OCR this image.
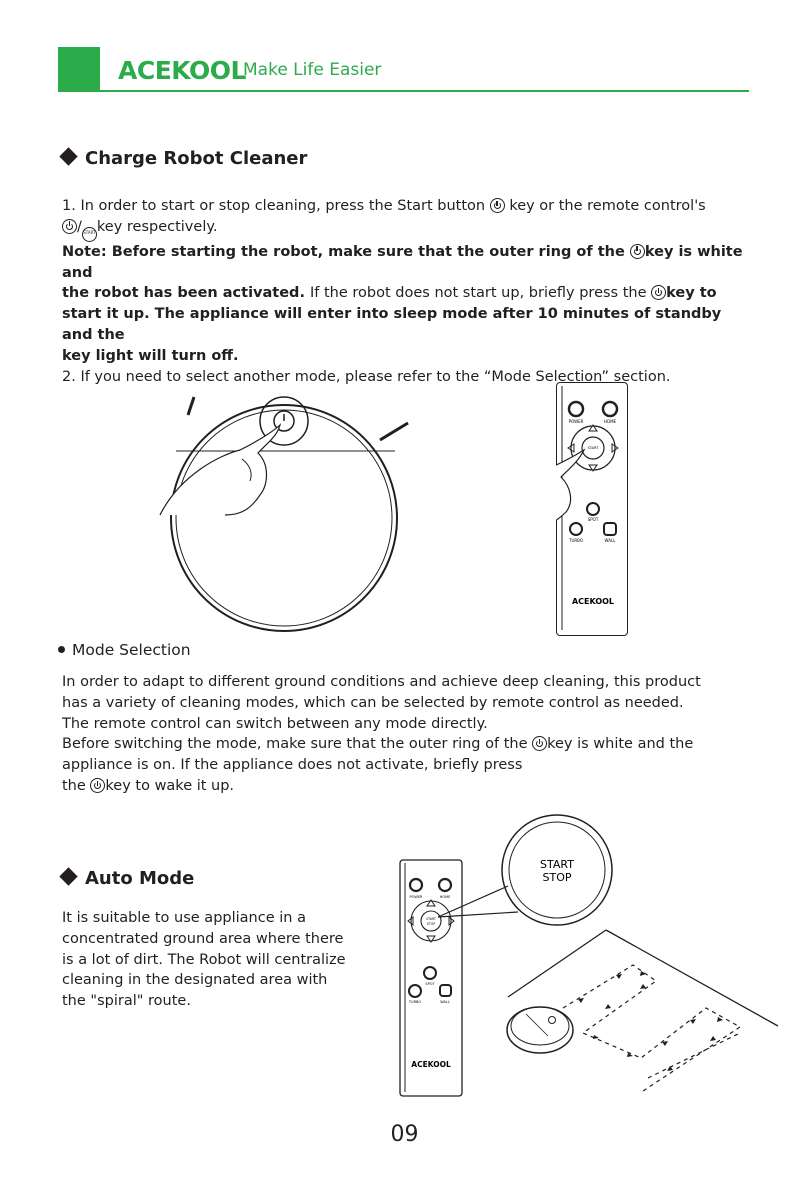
ACEKOOL
Make Life Easier
Charge Robot Cleaner
1. In order to start or stop cleaning, press the Start button  key or the remote control's
/STARTkey respectively.
Note: Before starting the robot, make sure that the outer ring of the key is white and
the robot has been activated. If the robot does not start up, briefly press the key to
start it up. The appliance will enter into sleep mode after 10 minutes of standby and the
key light will turn off.
2. If you need to select another mode, please refer to the “Mode Selection” section.
POWER	HOME
START
SPOT
TURBO	WALL
ACEKOOL
Mode Selection
In order to adapt to different ground conditions and achieve deep cleaning, this product
has a variety of cleaning modes, which can be selected by remote control as needed.
The remote control can switch between any mode directly.
Before switching the mode, make sure that the outer ring of the key is white and the
appliance is on. If the appliance does not activate, briefly press
the key to wake it up.
Auto Mode
It is suitable to use appliance in a
concentrated ground area where there
is a lot of dirt. The Robot will centralize
cleaning in the designated area with
the "spiral" route.
POWER	HOME
START
STOP
SPOT
TURBO	WALL
ACEKOOL
START
STOP
09
